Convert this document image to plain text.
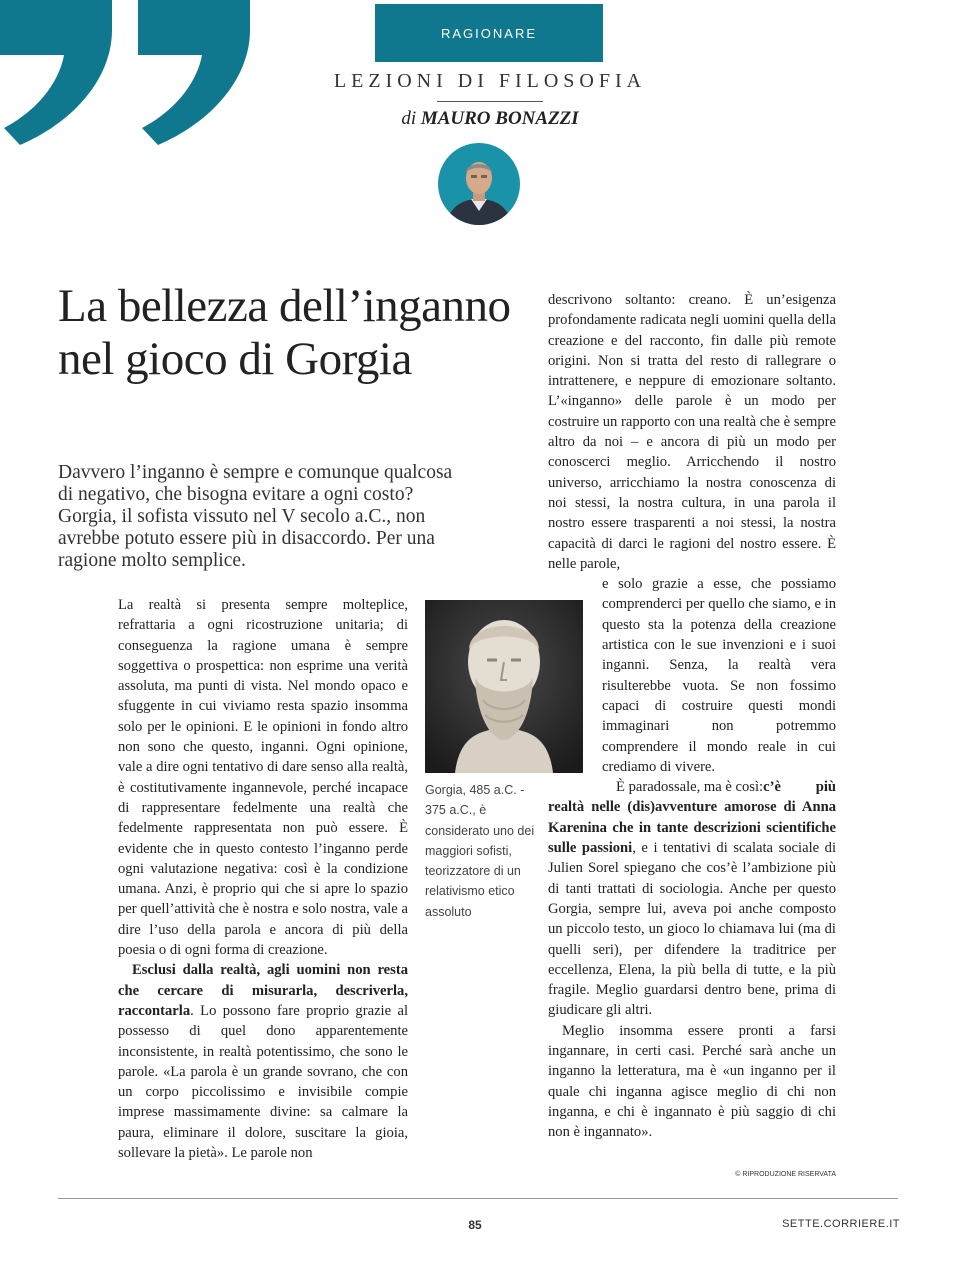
RAGIONARE
LEZIONI DI FILOSOFIA
di MAURO BONAZZI
La bellezza dell’inganno
nel gioco di Gorgia

Davvero l’inganno è sempre e comunque qualcosa di negativo, che bisogna evitare a ogni costo? Gorgia, il sofista vissuto nel V secolo a.C., non avrebbe potuto essere più in disaccordo. Per una ragione molto semplice.

La realtà si presenta sempre molteplice, refrattaria a ogni ricostruzione unitaria; di conseguenza la ragione umana è sempre soggettiva o prospettica: non esprime una verità assoluta, ma punti di vista. Nel mondo opaco e sfuggente in cui viviamo resta spazio insomma solo per le opinioni. E le opinioni in fondo altro non sono che questo, inganni. Ogni opinione, vale a dire ogni tentativo di dare senso alla realtà, è costitutivamente ingannevole, perché incapace di rappresentare fedelmente una realtà che fedelmente rappresentata non può essere. È evidente che in questo contesto l’inganno perde ogni valutazione negativa: così è la condizione umana. Anzi, è proprio qui che si apre lo spazio per quell’attività che è nostra e solo nostra, vale a dire l’uso della parola e ancora di più della poesia o di ogni forma di creazione.

Esclusi dalla realtà, agli uomini non resta che cercare di misurarla, descriverla, raccontarla. Lo possono fare proprio grazie al possesso di quel dono apparentemente inconsistente, in realtà potentissimo, che sono le parole. «La parola è un grande sovrano, che con un corpo piccolissimo e invisibile compie imprese massimamente divine: sa calmare la paura, eliminare il dolore, suscitare la gioia, sollevare la pietà». Le parole non

Gorgia, 485 a.C. - 375 a.C., è considerato uno dei maggiori sofisti, teorizzatore di un relativismo etico assoluto

descrivono soltanto: creano. È un’esigenza profondamente radicata negli uomini quella della creazione e del racconto, fin dalle più remote origini. Non si tratta del resto di rallegrare o intrattenere, e neppure di emozionare soltanto. L’«inganno» delle parole è un modo per costruire un rapporto con una realtà che è sempre altro da noi – e ancora di più un modo per conoscerci meglio. Arricchendo il nostro universo, arricchiamo la nostra conoscenza di noi stessi, la nostra cultura, in una parola il nostro essere trasparenti a noi stessi, la nostra capacità di darci le ragioni del nostro essere. È nelle parole,

e solo grazie a esse, che possiamo comprenderci per quello che siamo, e in questo sta la potenza della creazione artistica con le sue invenzioni e i suoi inganni. Senza, la realtà vera risulterebbe vuota. Se non fossimo capaci di costruire questi mondi immaginari non potremmo comprendere il mondo reale in cui crediamo di vivere.

È paradossale, ma è così:c’è più realtà nelle (dis)avventure amorose di Anna Karenina che in tante descrizioni scientifiche sulle passioni, e i tentativi di scalata sociale di Julien Sorel spiegano che cos’è l’ambizione più di tanti trattati di sociologia. Anche per questo Gorgia, sempre lui, aveva poi anche composto un piccolo testo, un gioco lo chiamava lui (ma di quelli seri), per difendere la traditrice per eccellenza, Elena, la più bella di tutte, e la più fragile. Meglio guardarsi dentro bene, prima di giudicare gli altri.

Meglio insomma essere pronti a farsi ingannare, in certi casi. Perché sarà anche un inganno la letteratura, ma è «un inganno per il quale chi inganna agisce meglio di chi non inganna, e chi è ingannato è più saggio di chi non è ingannato».

© RIPRODUZIONE RISERVATA
85	SETTE.CORRIERE.IT
